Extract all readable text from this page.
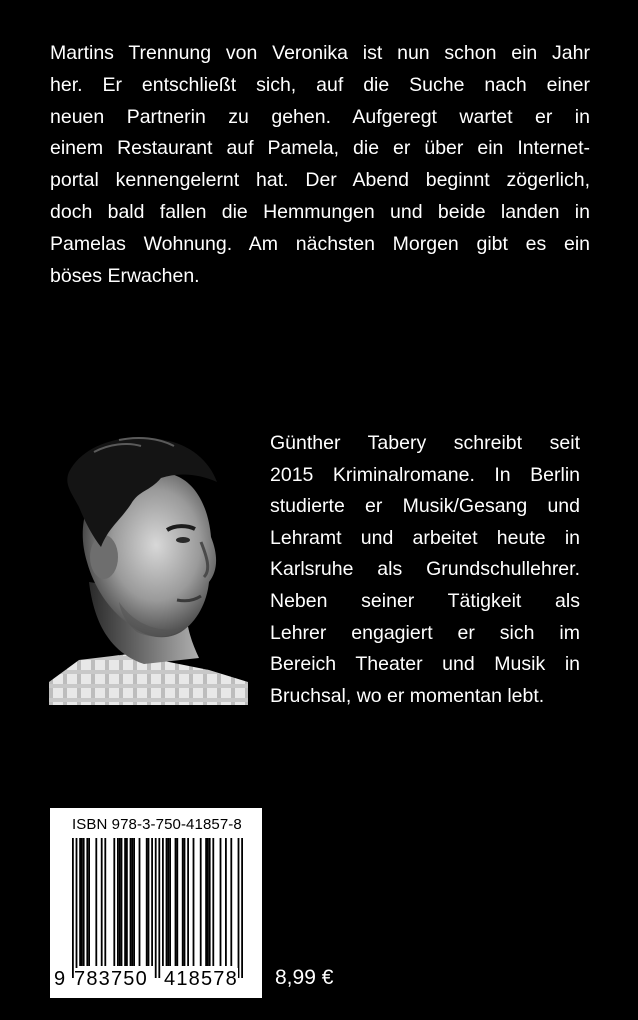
Martins Trennung von Veronika ist nun schon ein Jahr
her. Er entschließt sich, auf die Suche nach einer
neuen Partnerin zu gehen. Aufgeregt wartet er in
einem Restaurant auf Pamela, die er über ein Internet-
portal kennengelernt hat. Der Abend beginnt zögerlich,
doch bald fallen die Hemmungen und beide landen in
Pamelas Wohnung. Am nächsten Morgen gibt es ein
böses Erwachen.
Günther Tabery schreibt seit
2015 Kriminalromane. In Berlin
studierte er Musik/Gesang und
Lehramt und arbeitet heute in
Karlsruhe als Grundschullehrer.
Neben seiner Tätigkeit als
Lehrer engagiert er sich im
Bereich Theater und Musik in
Bruchsal, wo er momentan lebt.
ISBN 978-3-750-41857-8
9 783750 418578 8,99 €
